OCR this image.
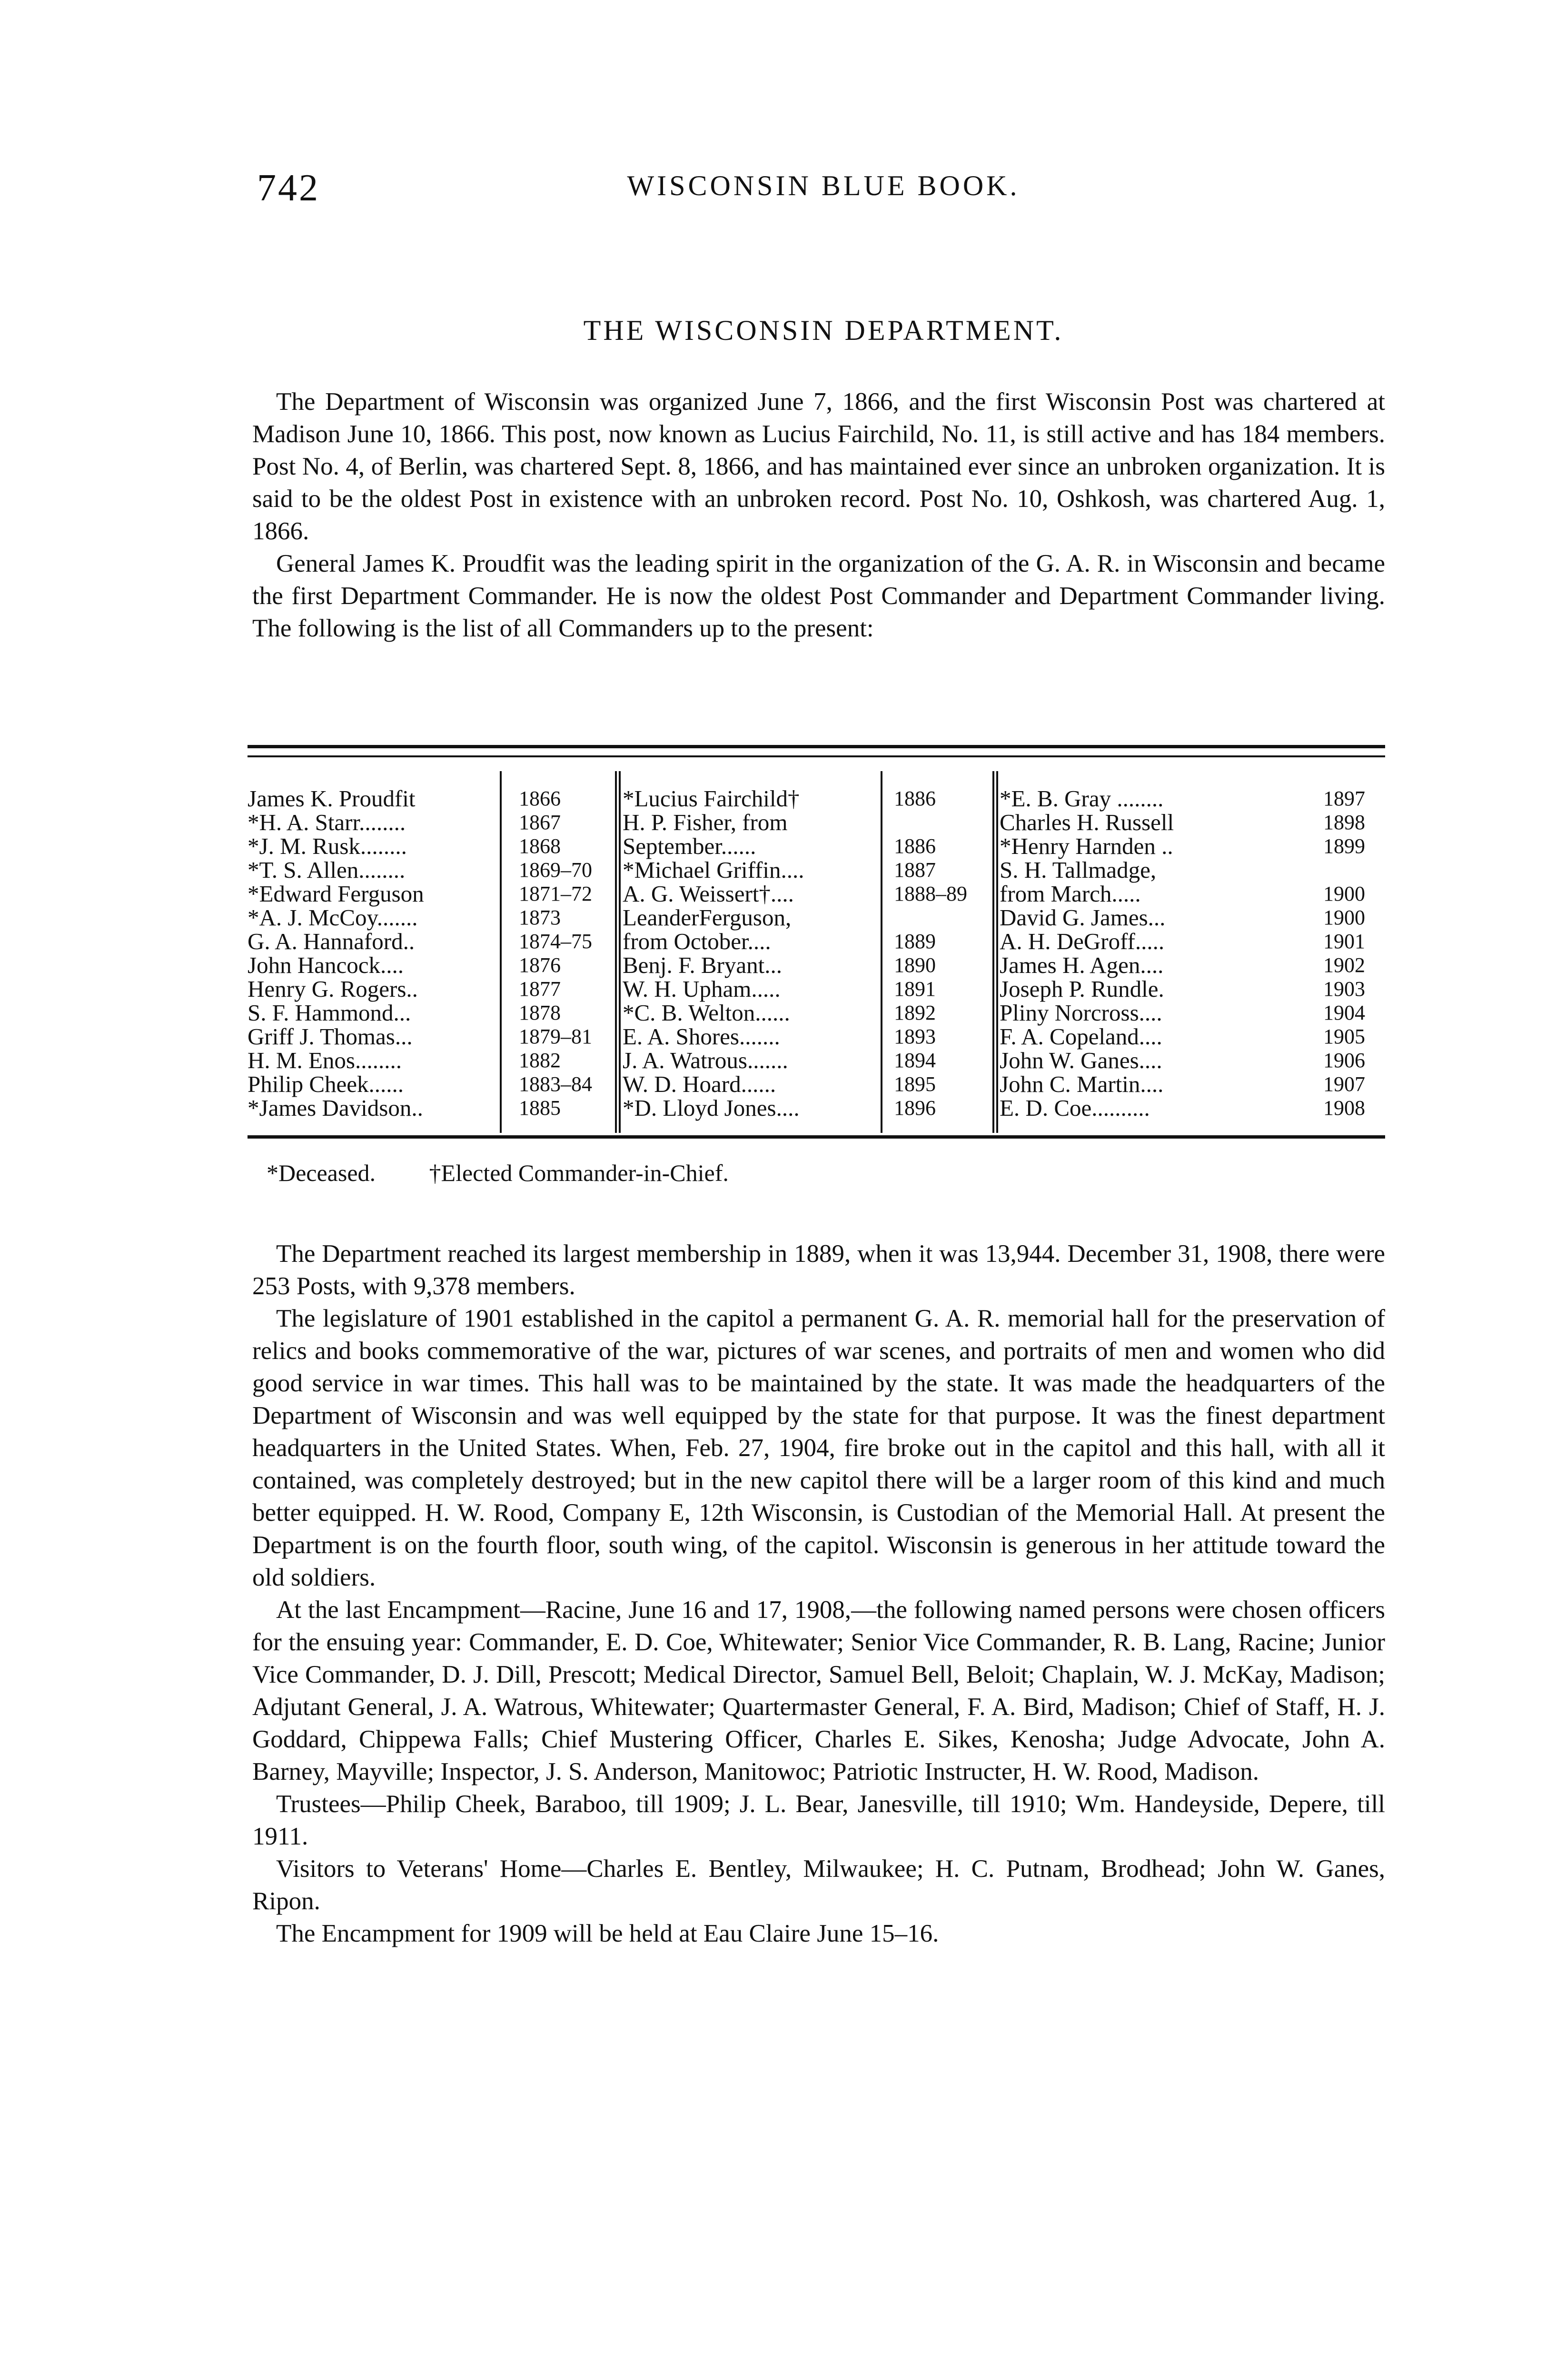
742	WISCONSIN BLUE BOOK.
THE WISCONSIN DEPARTMENT.

The Department of Wisconsin was organized June 7, 1866, and the first Wisconsin Post was chartered at Madison June 10, 1866. This post, now known as Lucius Fairchild, No. 11, is still active and has 184 members. Post No. 4, of Berlin, was chartered Sept. 8, 1866, and has maintained ever since an unbroken organization. It is said to be the oldest Post in existence with an unbroken record. Post No. 10, Oshkosh, was chartered Aug. 1, 1866.

General James K. Proudfit was the leading spirit in the organization of the G. A. R. in Wisconsin and became the first Department Commander. He is now the oldest Post Commander and Department Commander living. The following is the list of all Commanders up to the present:

James K. Proudfit	1866
*H. A. Starr........	1867
*J. M. Rusk........	1868
*T. S. Allen........	1869–70
*Edward Ferguson	1871–72
*A. J. McCoy.......	1873
G. A. Hannaford..	1874–75
John Hancock....	1876
Henry G. Rogers..	1877
S. F. Hammond...	1878
Griff J. Thomas...	1879–81
H. M. Enos........	1882
Philip Cheek......	1883–84
*James Davidson..	1885
*Lucius Fairchild†	1886
H. P. Fisher, from
September......	1886
*Michael Griffin....	1887
A. G. Weissert†....	1888–89
LeanderFerguson,
from October....	1889
Benj. F. Bryant...	1890
W. H. Upham.....	1891
*C. B. Welton......	1892
E. A. Shores.......	1893
J. A. Watrous.......	1894
W. D. Hoard......	1895
*D. Lloyd Jones....	1896
*E. B. Gray ........	1897
Charles H. Russell	1898
*Henry Harnden ..	1899
S. H. Tallmadge,
from March.....	1900
David G. James...	1900
A. H. DeGroff.....	1901
James H. Agen....	1902
Joseph P. Rundle.	1903
Pliny Norcross....	1904
F. A. Copeland....	1905
John W. Ganes....	1906
John C. Martin....	1907
E. D. Coe..........	1908
*Deceased. †Elected Commander-in-Chief.

The Department reached its largest membership in 1889, when it was 13,944. December 31, 1908, there were 253 Posts, with 9,378 members.

The legislature of 1901 established in the capitol a permanent G. A. R. memorial hall for the preservation of relics and books commemorative of the war, pictures of war scenes, and portraits of men and women who did good service in war times. This hall was to be maintained by the state. It was made the headquarters of the Department of Wisconsin and was well equipped by the state for that purpose. It was the finest department headquarters in the United States. When, Feb. 27, 1904, fire broke out in the capitol and this hall, with all it contained, was completely destroyed; but in the new capitol there will be a larger room of this kind and much better equipped. H. W. Rood, Company E, 12th Wisconsin, is Custodian of the Memorial Hall. At present the Department is on the fourth floor, south wing, of the capitol. Wisconsin is generous in her attitude toward the old soldiers.

At the last Encampment—Racine, June 16 and 17, 1908,—the following named persons were chosen officers for the ensuing year: Commander, E. D. Coe, Whitewater; Senior Vice Commander, R. B. Lang, Racine; Junior Vice Commander, D. J. Dill, Prescott; Medical Director, Samuel Bell, Beloit; Chaplain, W. J. McKay, Madison; Adjutant General, J. A. Watrous, Whitewater; Quartermaster General, F. A. Bird, Madison; Chief of Staff, H. J. Goddard, Chippewa Falls; Chief Mustering Officer, Charles E. Sikes, Kenosha; Judge Advocate, John A. Barney, Mayville; Inspector, J. S. Anderson, Manitowoc; Patriotic Instructer, H. W. Rood, Madison.

Trustees—Philip Cheek, Baraboo, till 1909; J. L. Bear, Janesville, till 1910; Wm. Handeyside, Depere, till 1911.

Visitors to Veterans' Home—Charles E. Bentley, Milwaukee; H. C. Putnam, Brodhead; John W. Ganes, Ripon.

The Encampment for 1909 will be held at Eau Claire June 15–16.
